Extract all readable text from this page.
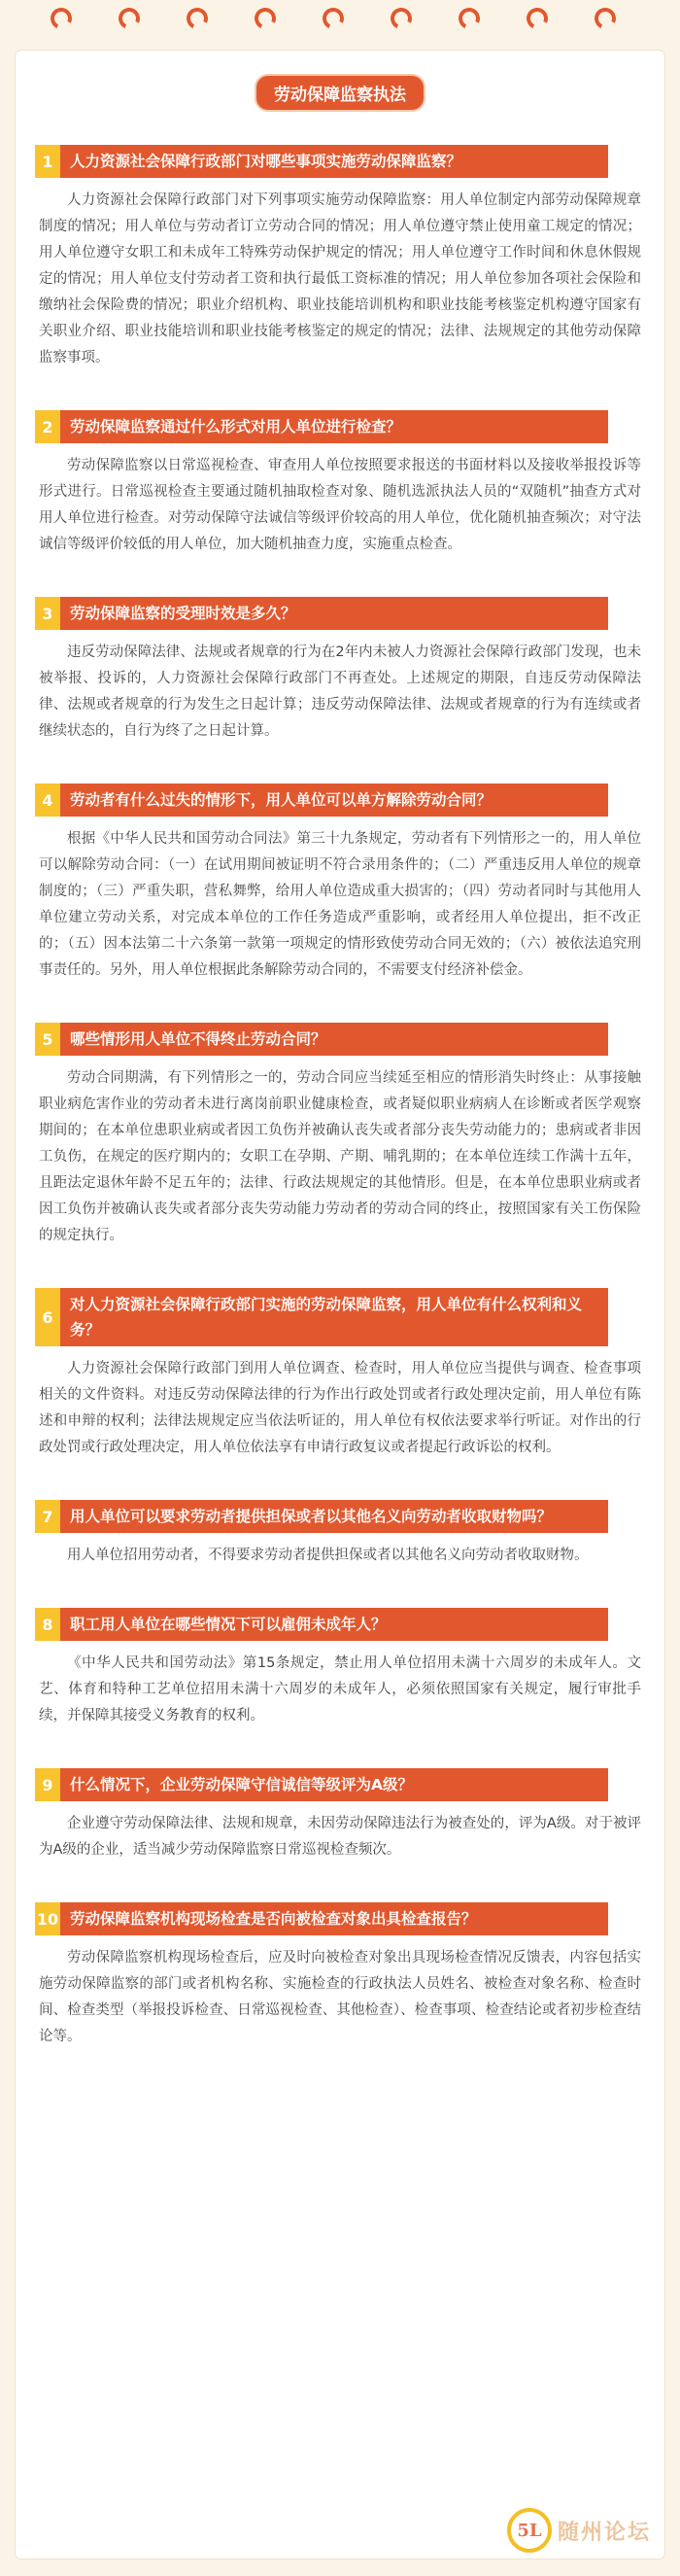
劳动保障监察执法
1	人力资源社会保障行政部门对哪些事项实施劳动保障监察？
人力资源社会保障行政部门对下列事项实施劳动保障监察：用人单位制定内部劳动保障规章制度的情况；用人单位与劳动者订立劳动合同的情况；用人单位遵守禁止使用童工规定的情况；用人单位遵守女职工和未成年工特殊劳动保护规定的情况；用人单位遵守工作时间和休息休假规定的情况；用人单位支付劳动者工资和执行最低工资标准的情况；用人单位参加各项社会保险和缴纳社会保险费的情况；职业介绍机构、职业技能培训机构和职业技能考核鉴定机构遵守国家有关职业介绍、职业技能培训和职业技能考核鉴定的规定的情况；法律、法规规定的其他劳动保障监察事项。
2	劳动保障监察通过什么形式对用人单位进行检查？
劳动保障监察以日常巡视检查、审查用人单位按照要求报送的书面材料以及接收举报投诉等形式进行。日常巡视检查主要通过随机抽取检查对象、随机选派执法人员的“双随机”抽查方式对用人单位进行检查。对劳动保障守法诚信等级评价较高的用人单位，优化随机抽查频次；对守法诚信等级评价较低的用人单位，加大随机抽查力度，实施重点检查。
3	劳动保障监察的受理时效是多久？
违反劳动保障法律、法规或者规章的行为在2年内未被人力资源社会保障行政部门发现，也未被举报、投诉的，人力资源社会保障行政部门不再查处。上述规定的期限，自违反劳动保障法律、法规或者规章的行为发生之日起计算；违反劳动保障法律、法规或者规章的行为有连续或者继续状态的，自行为终了之日起计算。
4	劳动者有什么过失的情形下，用人单位可以单方解除劳动合同？
根据《中华人民共和国劳动合同法》第三十九条规定，劳动者有下列情形之一的，用人单位可以解除劳动合同：（一）在试用期间被证明不符合录用条件的；（二）严重违反用人单位的规章制度的；（三）严重失职，营私舞弊，给用人单位造成重大损害的；（四）劳动者同时与其他用人单位建立劳动关系，对完成本单位的工作任务造成严重影响，或者经用人单位提出，拒不改正的；（五）因本法第二十六条第一款第一项规定的情形致使劳动合同无效的；（六）被依法追究刑事责任的。另外，用人单位根据此条解除劳动合同的，不需要支付经济补偿金。
5	哪些情形用人单位不得终止劳动合同？
劳动合同期满，有下列情形之一的，劳动合同应当续延至相应的情形消失时终止：从事接触职业病危害作业的劳动者未进行离岗前职业健康检查，或者疑似职业病病人在诊断或者医学观察期间的；在本单位患职业病或者因工负伤并被确认丧失或者部分丧失劳动能力的；患病或者非因工负伤，在规定的医疗期内的；女职工在孕期、产期、哺乳期的；在本单位连续工作满十五年，且距法定退休年龄不足五年的；法律、行政法规规定的其他情形。但是，在本单位患职业病或者因工负伤并被确认丧失或者部分丧失劳动能力劳动者的劳动合同的终止，按照国家有关工伤保险的规定执行。
6
对人力资源社会保障行政部门实施的劳动保障监察，用人单位有什么权利和义务？
人力资源社会保障行政部门到用人单位调查、检查时，用人单位应当提供与调查、检查事项相关的文件资料。对违反劳动保障法律的行为作出行政处罚或者行政处理决定前，用人单位有陈述和申辩的权利；法律法规规定应当依法听证的，用人单位有权依法要求举行听证。对作出的行政处罚或行政处理决定，用人单位依法享有申请行政复议或者提起行政诉讼的权利。
7	用人单位可以要求劳动者提供担保或者以其他名义向劳动者收取财物吗？
用人单位招用劳动者，不得要求劳动者提供担保或者以其他名义向劳动者收取财物。
8	职工用人单位在哪些情况下可以雇佣未成年人？
《中华人民共和国劳动法》第15条规定，禁止用人单位招用未满十六周岁的未成年人。文艺、体育和特种工艺单位招用未满十六周岁的未成年人，必须依照国家有关规定，履行审批手续，并保障其接受义务教育的权利。
9	什么情况下，企业劳动保障守信诚信等级评为A级？
企业遵守劳动保障法律、法规和规章，未因劳动保障违法行为被查处的，评为A级。对于被评为A级的企业，适当减少劳动保障监察日常巡视检查频次。
10 劳动保障监察机构现场检查是否向被检查对象出具检查报告？
劳动保障监察机构现场检查后，应及时向被检查对象出具现场检查情况反馈表，内容包括实施劳动保障监察的部门或者机构名称、实施检查的行政执法人员姓名、被检查对象名称、检查时间、检查类型（举报投诉检查、日常巡视检查、其他检查）、检查事项、检查结论或者初步检查结论等。
5L 随州论坛
